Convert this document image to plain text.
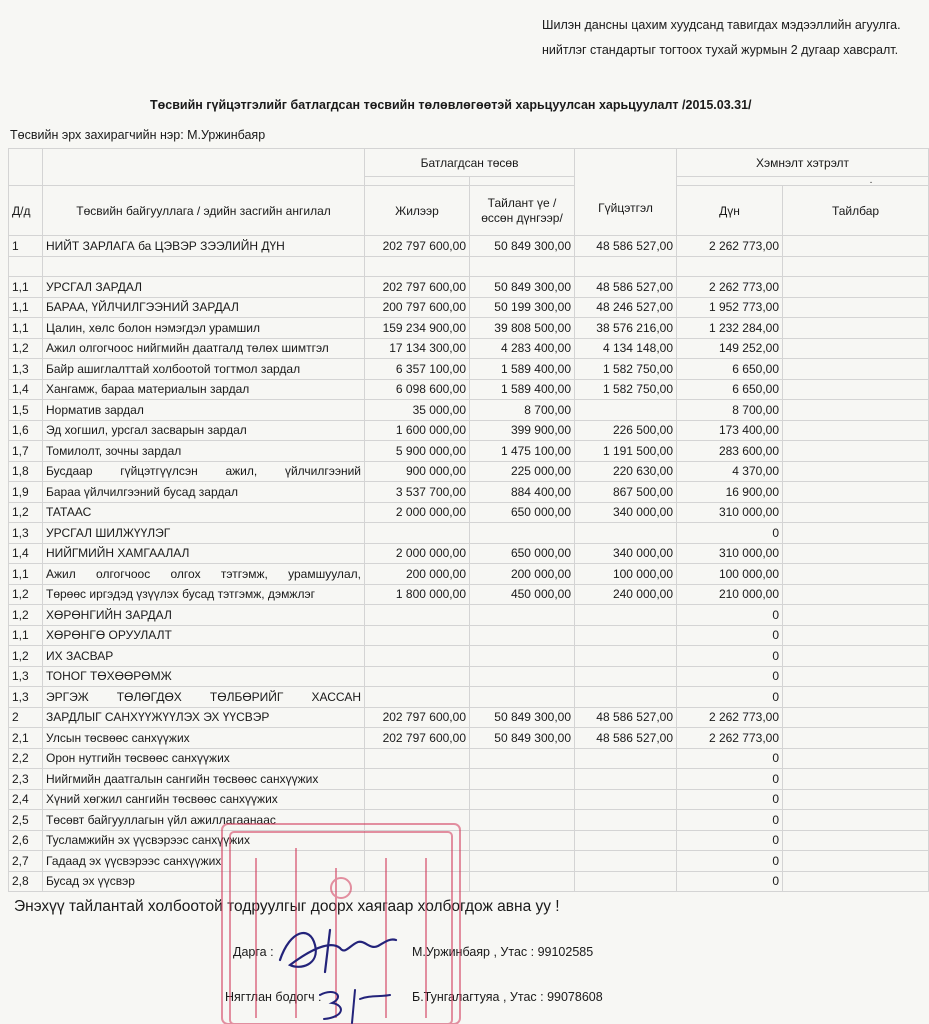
Шилэн дансны цахим хуудсанд тавигдах мэдээллийн агуулга.
нийтлэг стандартыг тогтоох тухай журмын 2 дугаар хавсралт.
Төсвийн гүйцэтгэлийг батлагдсан төсвийн төлөвлөгөөтэй харьцуулсан харьцуулалт /2015.03.31/
Төсвийн эрх захирагчийн нэр: М.Уржинбаяр
		Батлагдсан төсөв		Гүйцэтгэл	Хэмнэлт хэтрэлт	
					.	
Д/д	Төсвийн байгууллага / эдийн засгийн ангилал	Жилээр	Тайлант үе /өссөн дүнгээр/		Дүн	Тайлбар
1	НИЙТ ЗАРЛАГА ба ЦЭВЭР ЗЭЭЛИЙН ДҮН	202 797 600,00	50 849 300,00	48 586 527,00	2 262 773,00	

1,1	УРСГАЛ ЗАРДАЛ	202 797 600,00	50 849 300,00	48 586 527,00	2 262 773,00	
1,1	БАРАА, ҮЙЛЧИЛГЭЭНИЙ ЗАРДАЛ	200 797 600,00	50 199 300,00	48 246 527,00	1 952 773,00	
1,1	Цалин, хөлс болон нэмэгдэл урамшил	159 234 900,00	39 808 500,00	38 576 216,00	1 232 284,00	
1,2	Ажил олгогчоос нийгмийн даатгалд төлөх шимтгэл	17 134 300,00	4 283 400,00	4 134 148,00	149 252,00	
1,3	Байр ашиглалттай холбоотой тогтмол зардал	6 357 100,00	1 589 400,00	1 582 750,00	6 650,00	
1,4	Хангамж, бараа материалын зардал	6 098 600,00	1 589 400,00	1 582 750,00	6 650,00	
1,5	Норматив зардал	35 000,00	8 700,00		8 700,00	
1,6	Эд хогшил, урсгал засварын зардал	1 600 000,00	399 900,00	226 500,00	173 400,00	
1,7	Томилолт, зочны зардал	5 900 000,00	1 475 100,00	1 191 500,00	283 600,00	
1,8	Бусдаар гүйцэтгүүлсэн ажил, үйлчилгээний	900 000,00	225 000,00	220 630,00	4 370,00	
1,9	Бараа үйлчилгээний бусад зардал	3 537 700,00	884 400,00	867 500,00	16 900,00	
1,2	ТАТААС	2 000 000,00	650 000,00	340 000,00	310 000,00	
1,3	УРСГАЛ ШИЛЖҮҮЛЭГ				0	
1,4	НИЙГМИЙН ХАМГААЛАЛ	2 000 000,00	650 000,00	340 000,00	310 000,00	
1,1	Ажил олгогчоос олгох тэтгэмж, урамшуулал,	200 000,00	200 000,00	100 000,00	100 000,00	
1,2	Төрөөс иргэдэд үзүүлэх бусад тэтгэмж, дэмжлэг	1 800 000,00	450 000,00	240 000,00	210 000,00	
1,2	ХӨРӨНГИЙН ЗАРДАЛ				0	
1,1	ХӨРӨНГӨ ОРУУЛАЛТ				0	
1,2	ИХ ЗАСВАР				0	
1,3	ТОНОГ ТӨХӨӨРӨМЖ				0	
1,3	ЭРГЭЖ ТӨЛӨГДӨХ ТӨЛБӨРИЙГ ХАССАН				0	
2	ЗАРДЛЫГ САНХҮҮЖҮҮЛЭХ ЭХ ҮҮСВЭР	202 797 600,00	50 849 300,00	48 586 527,00	2 262 773,00	
2,1	Улсын төсвөөс санхүүжих	202 797 600,00	50 849 300,00	48 586 527,00	2 262 773,00	
2,2	Орон нутгийн төсвөөс санхүүжих				0	
2,3	Нийгмийн даатгалын сангийн төсвөөс санхүүжих				0	
2,4	Хүний хөгжил сангийн төсвөөс санхүүжих				0	
2,5	Төсөвт байгууллагын үйл ажиллагаанаас				0	
2,6	Тусламжийн эх үүсвэрээс санхүүжих				0	
2,7	Гадаад эх үүсвэрээс санхүүжих				0	
2,8	Бусад эх үүсвэр				0	
Энэхүү тайлантай холбоотой тодруулгыг доорх хаягаар холбогдож авна уу !
Дарга :	М.Уржинбаяр , Утас : 99102585
Нягтлан бодогч :	Б.Тунгалагтуяа , Утас : 99078608
